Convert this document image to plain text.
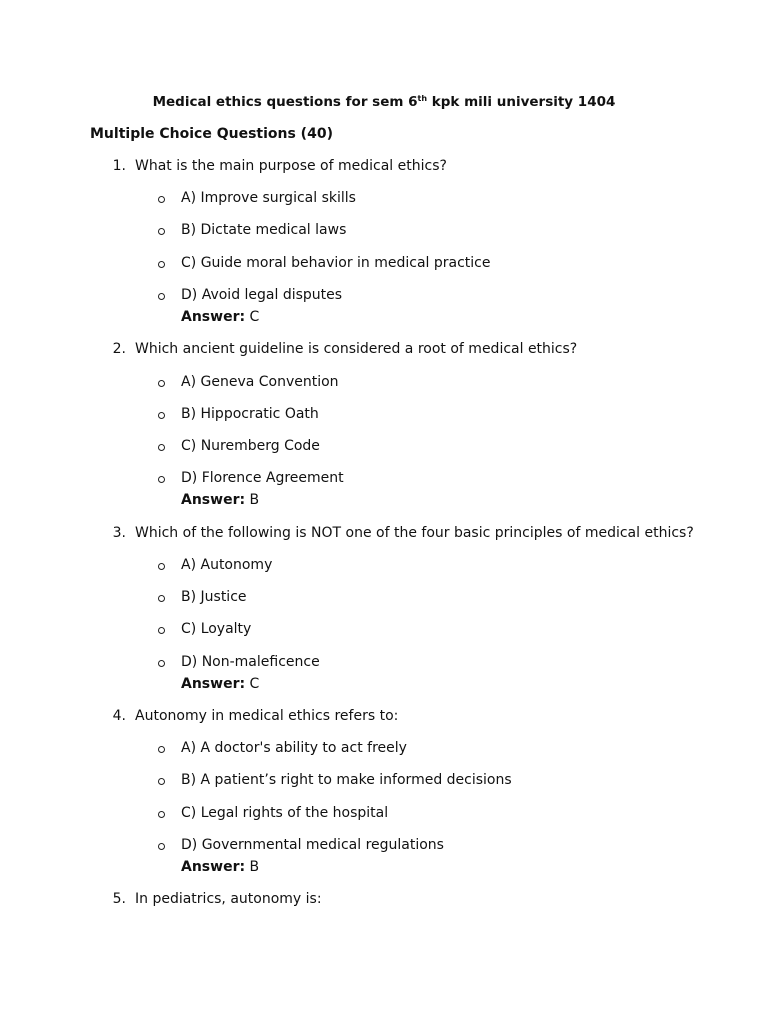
Medical ethics questions for sem 6th kpk mili university 1404
Multiple Choice Questions (40)
1. What is the main purpose of medical ethics?
A) Improve surgical skills
B) Dictate medical laws
C) Guide moral behavior in medical practice
D) Avoid legal disputes
Answer: C
2. Which ancient guideline is considered a root of medical ethics?
A) Geneva Convention
B) Hippocratic Oath
C) Nuremberg Code
D) Florence Agreement
Answer: B
3. Which of the following is NOT one of the four basic principles of medical ethics?
A) Autonomy
B) Justice
C) Loyalty
D) Non-maleficence
Answer: C
4. Autonomy in medical ethics refers to:
A) A doctor's ability to act freely
B) A patient’s right to make informed decisions
C) Legal rights of the hospital
D) Governmental medical regulations
Answer: B
5. In pediatrics, autonomy is:
